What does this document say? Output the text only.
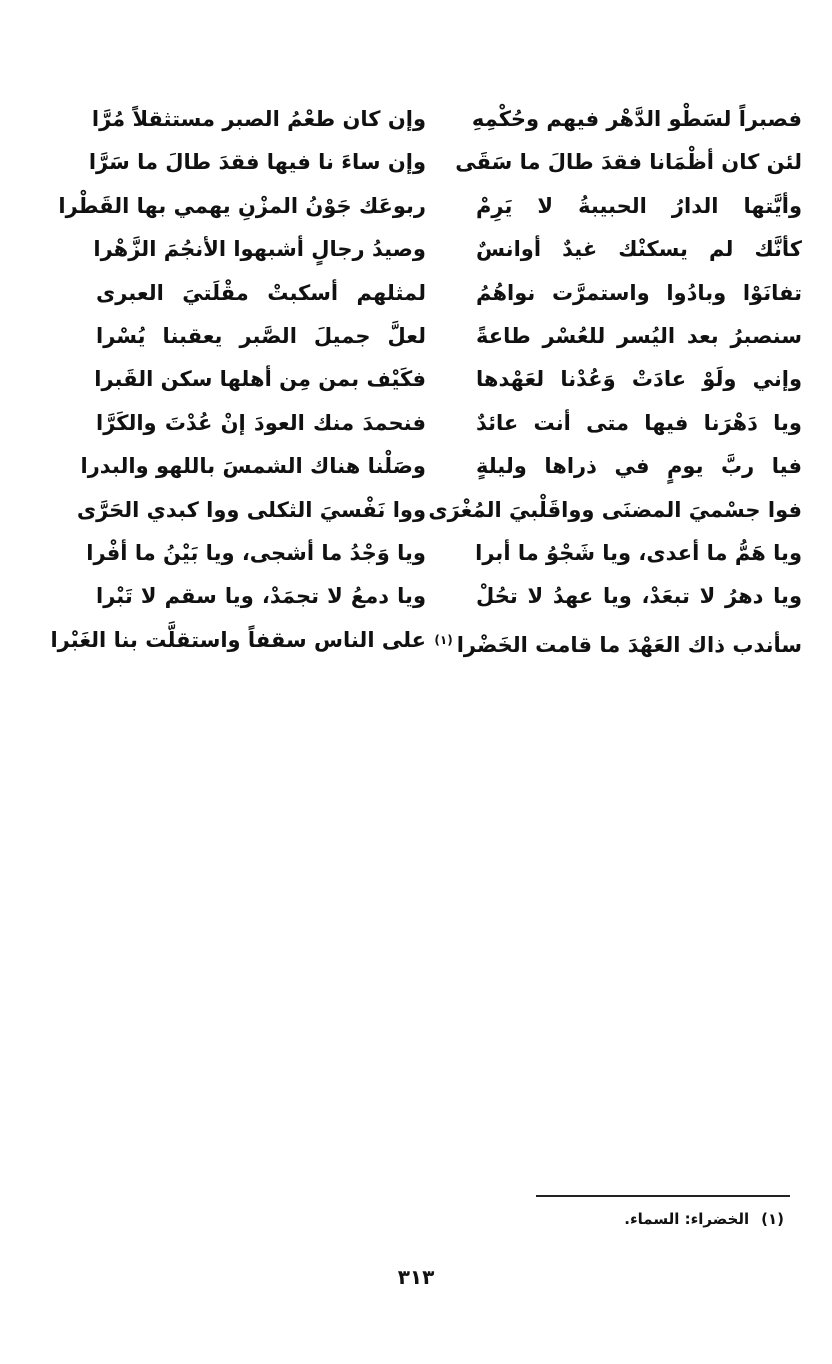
فصبراً لسَطْو الدَّهْر فيهم وحُكْمِهِ
لئن كان أظْمَانا فقدَ طالَ ما سَقَى
وأيَّتها الدارُ الحبيبةُ لا يَرِمْ
كأنَّك لم يسكنْك غيدٌ أوانسٌ
تفانَوْا وبادُوا واستمرَّت نواهُمُ
سنصبرُ بعد اليُسر للعُسْر طاعةً
وإني ولَوْ عادَتْ وَعُدْنا لعَهْدها
ويا دَهْرَنا فيها متى أنت عائدٌ
فيا ربَّ يومٍ في ذراها وليلةٍ
فوا جسْميَ المضنَى وواقَلْبيَ المُغْرَى
ويا هَمُّ ما أعدى، ويا شَجْوُ ما أبرا
ويا دهرُ لا تبعَدْ، ويا عهدُ لا تحُلْ
سأندب ذاك العَهْدَ ما قامت الخَضْرا$^{(١)}$
وإن كان طعْمُ الصبر مستثقلاً مُرَّا
وإن ساءَ نا فيها فقدَ طالَ ما سَرَّا
ربوعَك جَوْنُ المزْنِ يهمي بها القَطْرا
وصيدُ رجالٍ أشبهوا الأنجُمَ الزَّهْرا
لمثلهم أسكبتْ مقْلَتيَ العبرى
لعلَّ جميلَ الصَّبر يعقبنا يُسْرا
فكَيْف بمن مِن أهلها سكن القَبرا
فنحمدَ منك العودَ إنْ عُدْتَ والكَرَّا
وصَلْنا هناك الشمسَ باللهو والبدرا
ووا نَفْسيَ الثكلى ووا كبدي الحَرَّى
ويا وَجْدُ ما أشجى، ويا بَيْنُ ما أفْرا
ويا دمعُ لا تجمَدْ، ويا سقم لا تَبْرا
على الناس سقفاً واستقلَّت بنا الغَبْرا
(١)
الخضراء: السماء.
٣١٣
